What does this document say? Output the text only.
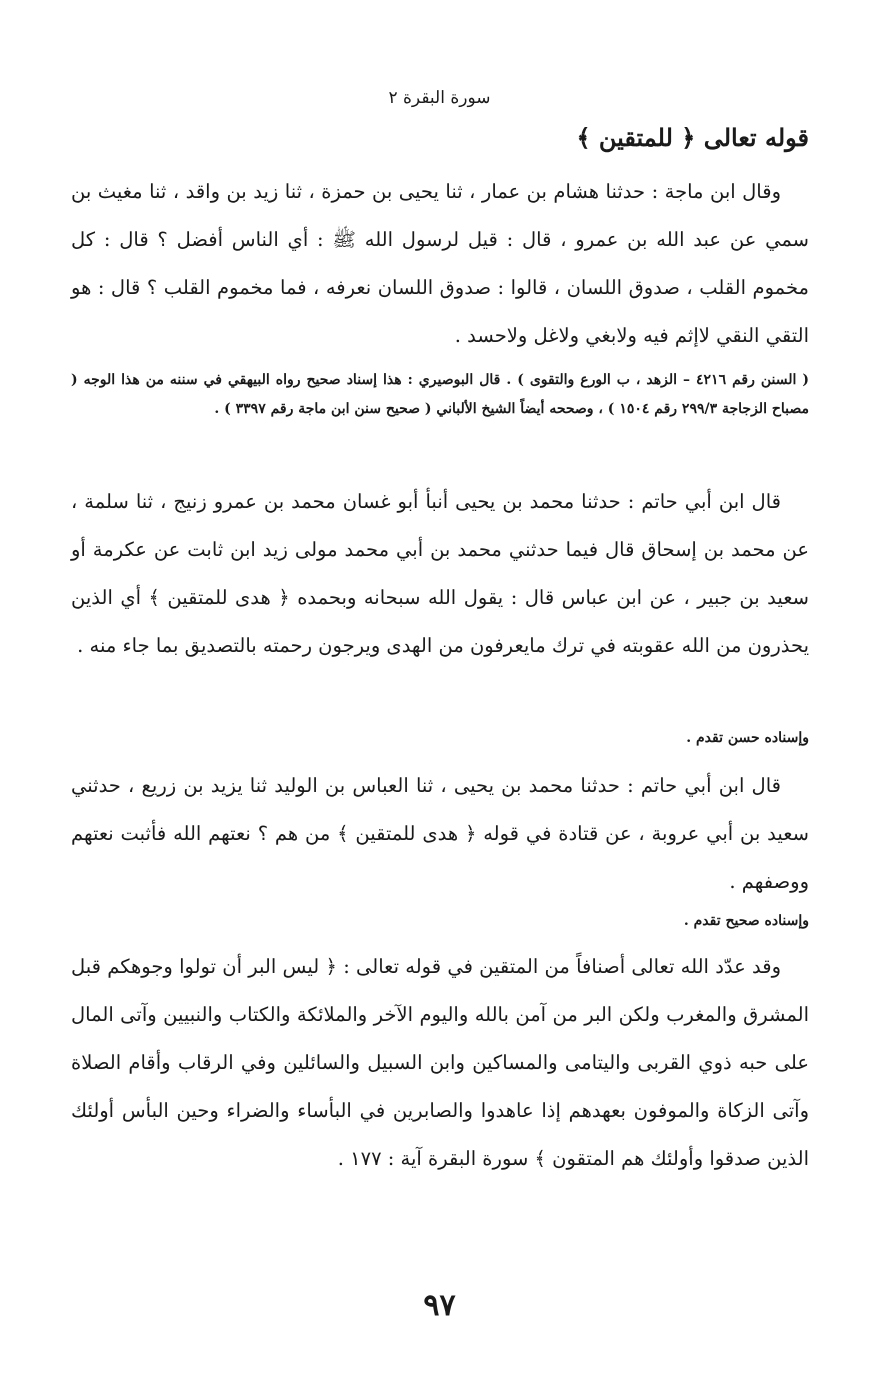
سورة البقرة ٢
قوله تعالى ﴿ للمتقين ﴾
وقال ابن ماجة : حدثنا هشام بن عمار ، ثنا يحيى بن حمزة ، ثنا زيد بن واقد ، ثنا مغيث بن سمي عن عبد الله بن عمرو ، قال : قيل لرسول الله ﷺ : أي الناس أفضل ؟ قال : كل مخموم القلب ، صدوق اللسان ، قالوا : صدوق اللسان نعرفه ، فما مخموم القلب ؟ قال : هو التقي النقي لاإثم فيه ولابغي ولاغل ولاحسد .
( السنن رقم ٤٢١٦ – الزهد ، ب الورع والتقوى ) . قال البوصيري : هذا إسناد صحيح رواه البيهقي في سننه من هذا الوجه ( مصباح الزجاجة ٢٩٩/٣ رقم ١٥٠٤ ) ، وصححه أيضاً الشيخ الألباني ( صحيح سنن ابن ماجة رقم ٣٣٩٧ ) .
قال ابن أبي حاتم : حدثنا محمد بن يحيى أنبأ أبو غسان محمد بن عمرو زنيج ، ثنا سلمة ، عن محمد بن إسحاق قال فيما حدثني محمد بن أبي محمد مولى زيد ابن ثابت عن عكرمة أو سعيد بن جبير ، عن ابن عباس قال : يقول الله سبحانه وبحمده ﴿ هدى للمتقين ﴾ أي الذين يحذرون من الله عقوبته في ترك مايعرفون من الهدى ويرجون رحمته بالتصديق بما جاء منه .
وإسناده حسن تقدم .
قال ابن أبي حاتم : حدثنا محمد بن يحيى ، ثنا العباس بن الوليد ثنا يزيد بن زريع ، حدثني سعيد بن أبي عروبة ، عن قتادة في قوله ﴿ هدى للمتقين ﴾ من هم ؟ نعتهم الله فأثبت نعتهم ووصفهم .
وإسناده صحيح تقدم .
وقد عدّد الله تعالى أصنافاً من المتقين في قوله تعالى : ﴿ ليس البر أن تولوا وجوهكم قبل المشرق والمغرب ولكن البر من آمن بالله واليوم الآخر والملائكة والكتاب والنبيين وآتى المال على حبه ذوي القربى واليتامى والمساكين وابن السبيل والسائلين وفي الرقاب وأقام الصلاة وآتى الزكاة والموفون بعهدهم إذا عاهدوا والصابرين في البأساء والضراء وحين البأس أولئك الذين صدقوا وأولئك هم المتقون ﴾ سورة البقرة آية : ١٧٧ .
٩٧
